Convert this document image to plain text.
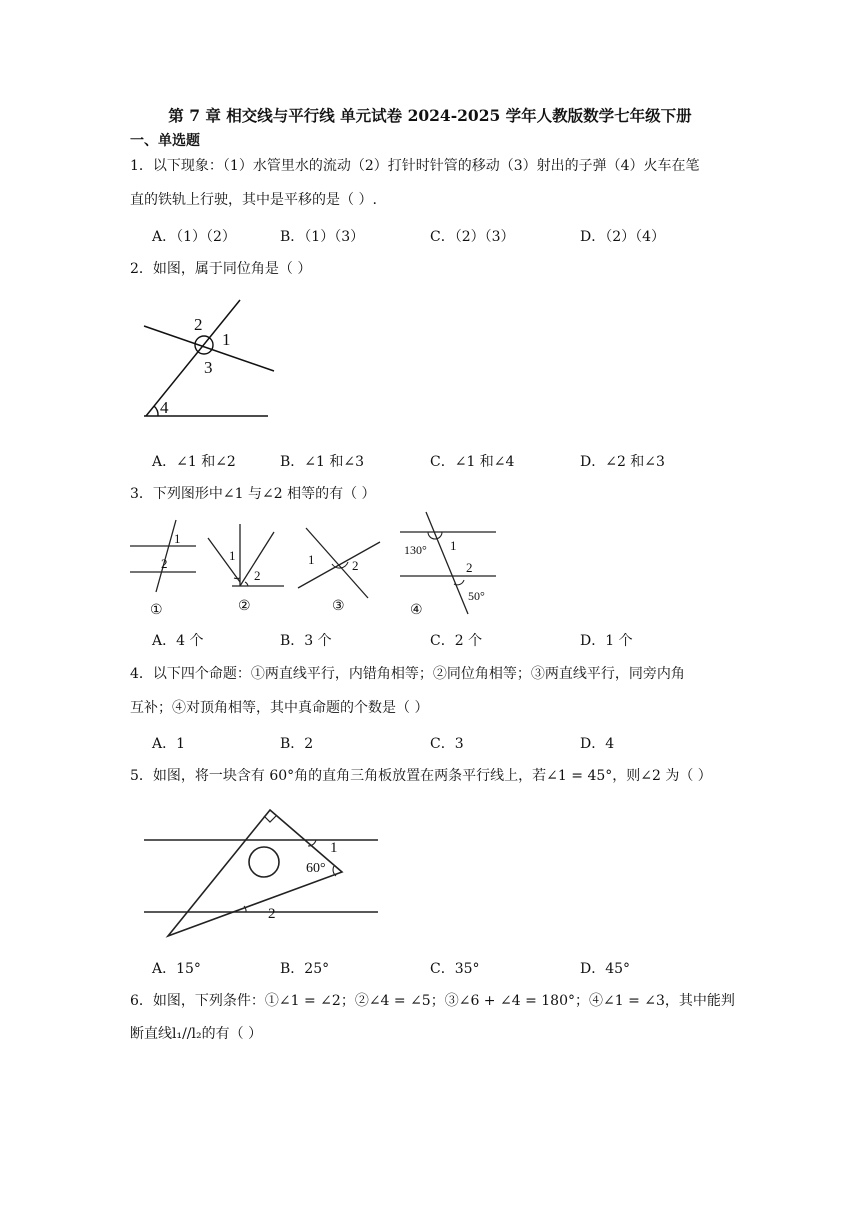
第 7 章 相交线与平行线 单元试卷 2024-2025 学年人教版数学七年级下册
一、单选题
1．以下现象：（1）水管里水的流动（2）打针时针管的移动（3）射出的子弹（4）火车在笔
直的铁轨上行驶，其中是平移的是（ ）.
A．（1）（2）	B．（1）（3）	C．（2）（3）	D．（2）（4）
2．如图，属于同位角是（ ）
2
1
3
4
A．∠1 和∠2	B．∠1 和∠3	C．∠1 和∠4	D．∠2 和∠3
3．下列图形中∠1 与∠2 相等的有（ ）
1
2
①
1
2
②
1	2
③
130° 1
2
50°
④
A．4 个	B．3 个	C．2 个	D．1 个
4．以下四个命题：①两直线平行，内错角相等；②同位角相等；③两直线平行，同旁内角
互补；④对顶角相等，其中真命题的个数是（ ）
A．1	B．2	C．3	D．4
5．如图，将一块含有 60°角的直角三角板放置在两条平行线上，若∠1 = 45°，则∠2 为（ ）
1
60°
2
A．15°	B．25°	C．35°	D．45°
6．如图，下列条件：①∠1 = ∠2；②∠4 = ∠5；③∠6 + ∠4 = 180°；④∠1 = ∠3，其中能判
断直线l₁//l₂的有（ ）
